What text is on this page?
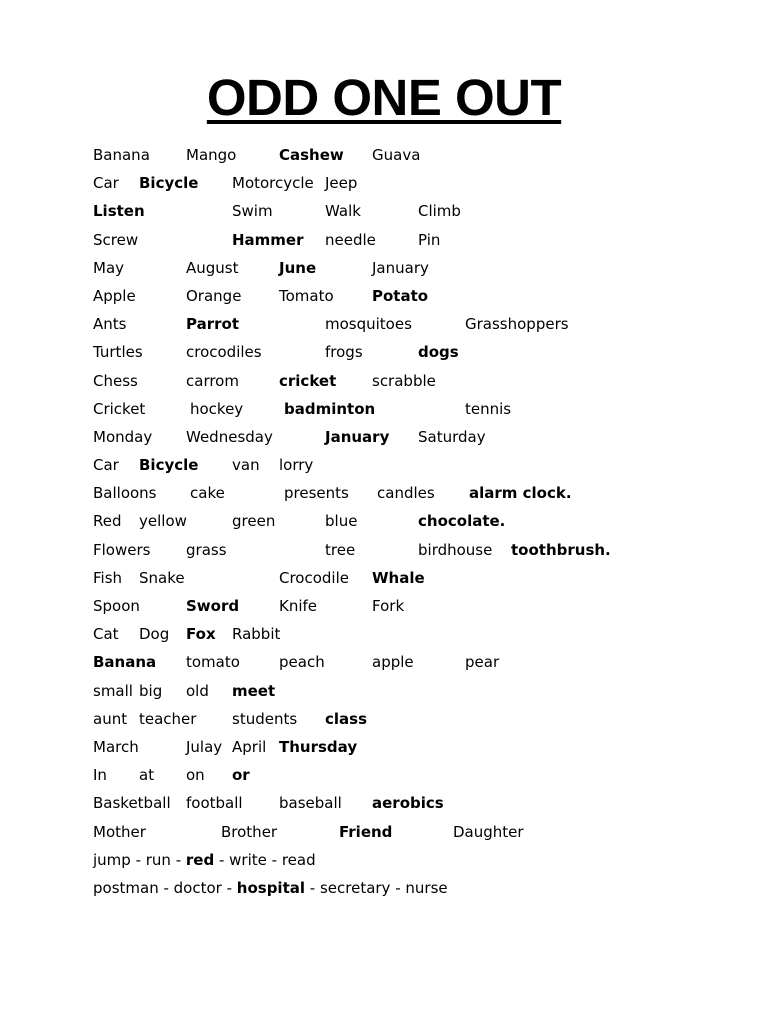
ODD ONE OUT
Banana Mango	Cashew Guava
Car Bicycle Motorcycle Jeep
Listen	Swim	Walk	Climb
Screw	Hammer needle	Pin
May	August	June	January
Apple	Orange	Tomato	Potato
Ants	Parrot	mosquitoes	Grasshoppers
Turtles	crocodiles	frogs	dogs
Chess	carrom	cricket scrabble
Cricket	hockey	badminton	tennis
Monday Wednesday	January Saturday
Car Bicycle van lorry
Balloons cake	presents candles alarm clock.
Red yellow	green	blue	chocolate.
Flowers grass	tree	birdhouse toothbrush.
Fish Snake	Crocodile Whale
Spoon	Sword	Knife	Fork
Cat Dog Fox Rabbit
Banana tomato	peach	apple	pear
small big old meet
aunt teacher students class
March	Julay April Thursday
In at on or
Basketball football baseball aerobics
Mother	Brother	Friend	Daughter
jump - run - red - write - read
postman - doctor - hospital - secretary - nurse
